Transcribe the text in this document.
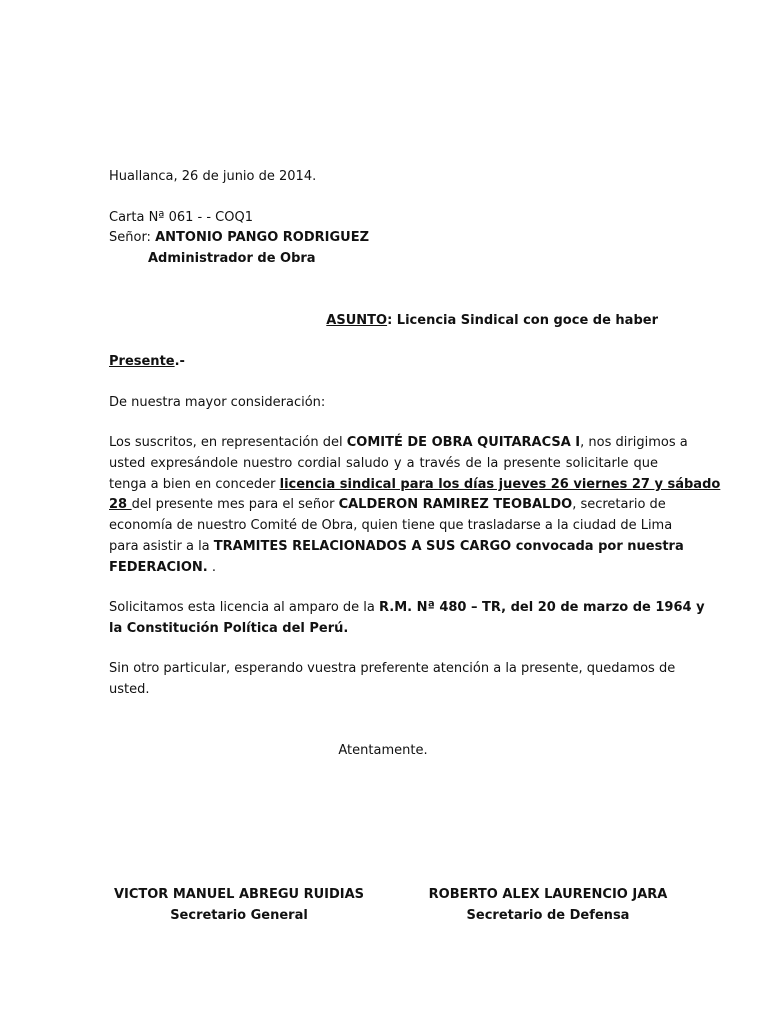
Huallanca, 26 de junio de 2014.
Carta Nª 061 - - COQ1
Señor: ANTONIO PANGO RODRIGUEZ
Administrador de Obra
ASUNTO: Licencia Sindical con goce de haber
Presente.-
De nuestra mayor consideración:
Los suscritos, en representación del COMITÉ DE OBRA QUITARACSA I, nos dirigimos a
usted expresándole nuestro cordial saludo y a través de la presente solicitarle que
tenga a bien en conceder licencia sindical para los días jueves 26 viernes 27 y sábado
28 del presente mes para el señor CALDERON RAMIREZ TEOBALDO, secretario de
economía de nuestro Comité de Obra, quien tiene que trasladarse a la ciudad de Lima
para asistir a la TRAMITES RELACIONADOS A SUS CARGO convocada por nuestra
FEDERACION. .
Solicitamos esta licencia al amparo de la R.M. Nª 480 – TR, del 20 de marzo de 1964 y
la Constitución Política del Perú.
Sin otro particular, esperando vuestra preferente atención a la presente, quedamos de
usted.
Atentamente.
VICTOR MANUEL ABREGU RUIDIAS
Secretario General
ROBERTO ALEX LAURENCIO JARA
Secretario de Defensa
